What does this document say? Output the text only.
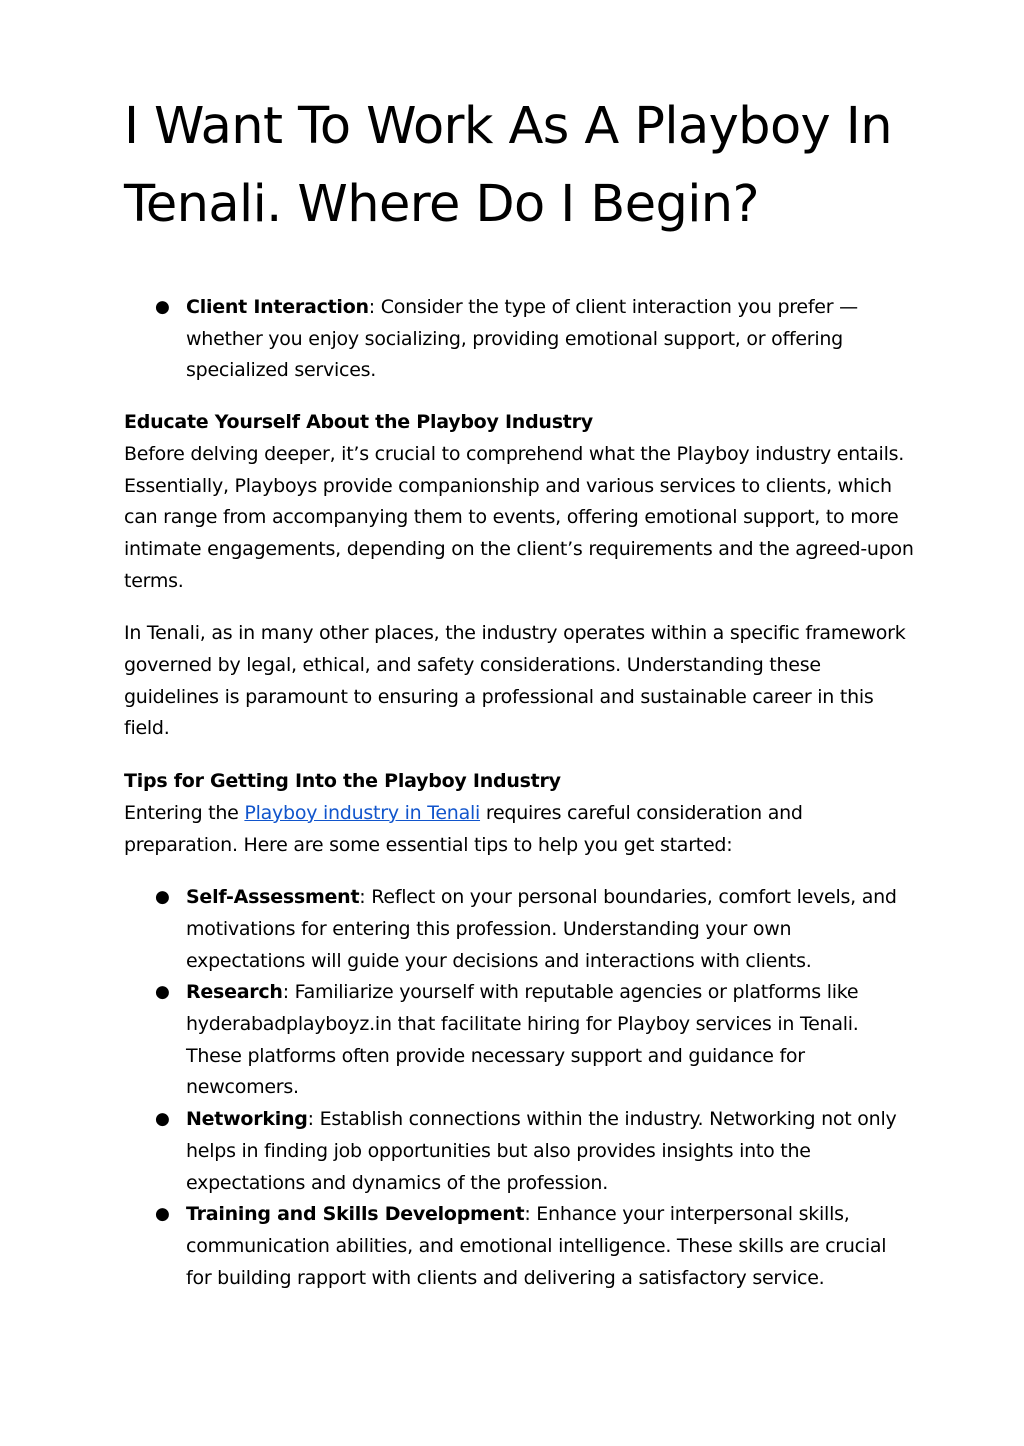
I Want To Work As A Playboy In Tenali. Where Do I Begin?
● Client Interaction: Consider the type of client interaction you prefer — whether you enjoy socializing, providing emotional support, or offering specialized services.
Educate Yourself About the Playboy Industry

Before delving deeper, it’s crucial to comprehend what the Playboy industry entails. Essentially, Playboys provide companionship and various services to clients, which can range from accompanying them to events, offering emotional support, to more intimate engagements, depending on the client’s requirements and the agreed-upon terms.

In Tenali, as in many other places, the industry operates within a specific framework governed by legal, ethical, and safety considerations. Understanding these guidelines is paramount to ensuring a professional and sustainable career in this field.

Tips for Getting Into the Playboy Industry

Entering the Playboy industry in Tenali requires careful consideration and preparation. Here are some essential tips to help you get started:

● Self-Assessment: Reflect on your personal boundaries, comfort levels, and motivations for entering this profession. Understanding your own expectations will guide your decisions and interactions with clients.
● Research: Familiarize yourself with reputable agencies or platforms like hyderabadplayboyz.in that facilitate hiring for Playboy services in Tenali. These platforms often provide necessary support and guidance for newcomers.
● Networking: Establish connections within the industry. Networking not only helps in finding job opportunities but also provides insights into the expectations and dynamics of the profession.
● Training and Skills Development: Enhance your interpersonal skills, communication abilities, and emotional intelligence. These skills are crucial for building rapport with clients and delivering a satisfactory service.
